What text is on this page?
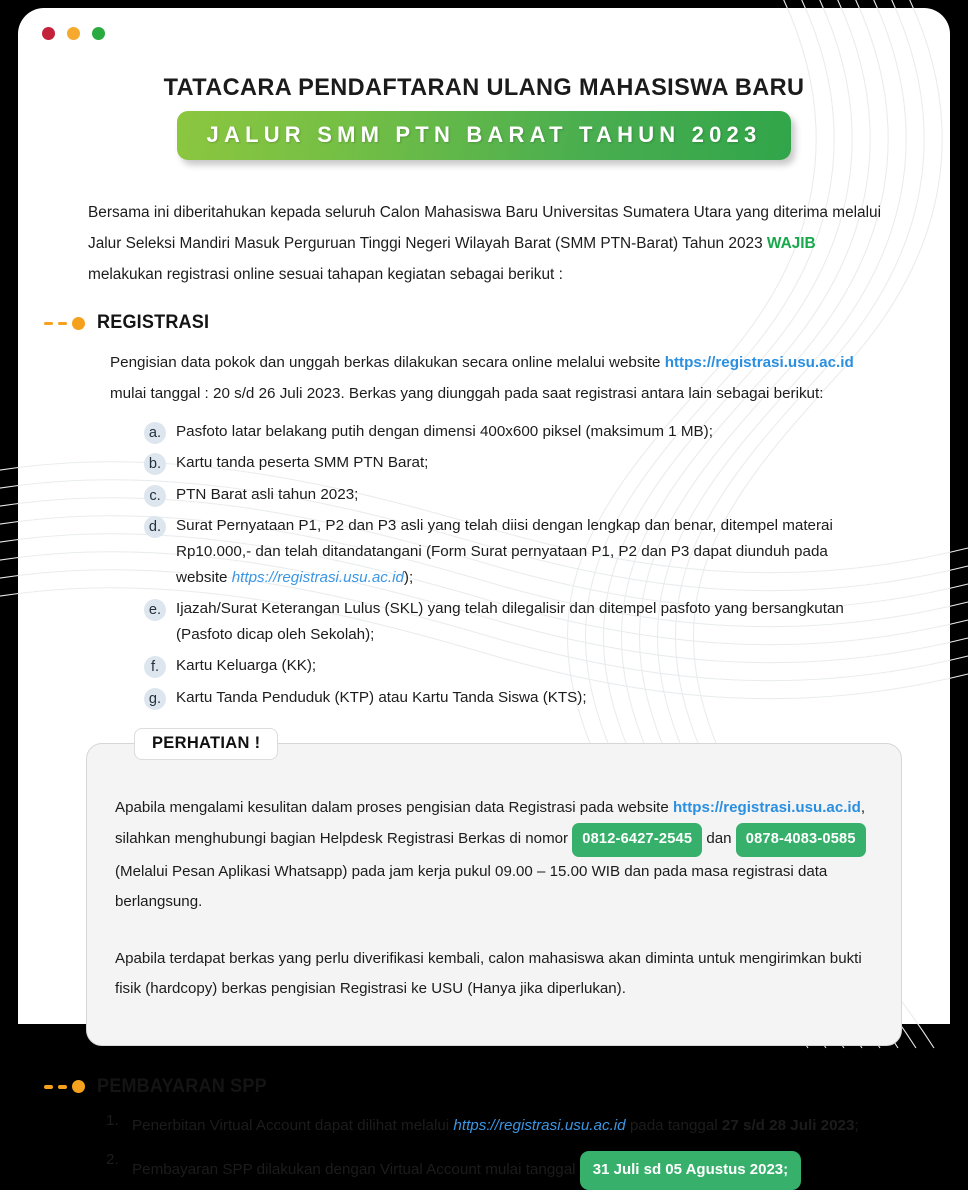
TATACARA PENDAFTARAN ULANG MAHASISWA BARU
JALUR SMM PTN BARAT TAHUN 2023

Bersama ini diberitahukan kepada seluruh Calon Mahasiswa Baru Universitas Sumatera Utara yang diterima melalui Jalur Seleksi Mandiri Masuk Perguruan Tinggi Negeri Wilayah Barat (SMM PTN-Barat) Tahun 2023 WAJIB melakukan registrasi online sesuai tahapan kegiatan sebagai berikut :

REGISTRASI

Pengisian data pokok dan unggah berkas dilakukan secara online melalui website https://registrasi.usu.ac.id mulai tanggal : 20 s/d 26 Juli 2023. Berkas yang diunggah pada saat registrasi antara lain sebagai berikut:

a. Pasfoto latar belakang putih dengan dimensi 400x600 piksel (maksimum 1 MB);
b. Kartu tanda peserta SMM PTN Barat;
c.	PTN Barat asli tahun 2023;
d. Surat Pernyataan P1, P2 dan P3 asli yang telah diisi dengan lengkap dan benar, ditempel materai Rp10.000,- dan telah ditandatangani (Form Surat pernyataan P1, P2 dan P3 dapat diunduh pada website https://registrasi.usu.ac.id);
e. Ijazah/Surat Keterangan Lulus (SKL) yang telah dilegalisir dan ditempel pasfoto yang bersangkutan (Pasfoto dicap oleh Sekolah);
f.	Kartu Keluarga (KK);
g. Kartu Tanda Penduduk (KTP) atau Kartu Tanda Siswa (KTS);
PERHATIAN !

Apabila mengalami kesulitan dalam proses pengisian data Registrasi pada website https://registrasi.usu.ac.id, silahkan menghubungi bagian Helpdesk Registrasi Berkas di nomor 0812-6427-2545 dan 0878-4083-0585 (Melalui Pesan Aplikasi Whatsapp) pada jam kerja pukul 09.00 – 15.00 WIB dan pada masa registrasi data berlangsung.

Apabila terdapat berkas yang perlu diverifikasi kembali, calon mahasiswa akan diminta untuk mengirimkan bukti fisik (hardcopy) berkas pengisian Registrasi ke USU (Hanya jika diperlukan).

PEMBAYARAN SPP
1. Penerbitan Virtual Account dapat dilihat melalui https://registrasi.usu.ac.id pada tanggal 27 s/d 28 Juli 2023;
2.
Pembayaran SPP dilakukan dengan Virtual Account mulai tanggal 31 Juli sd 05 Agustus 2023;
